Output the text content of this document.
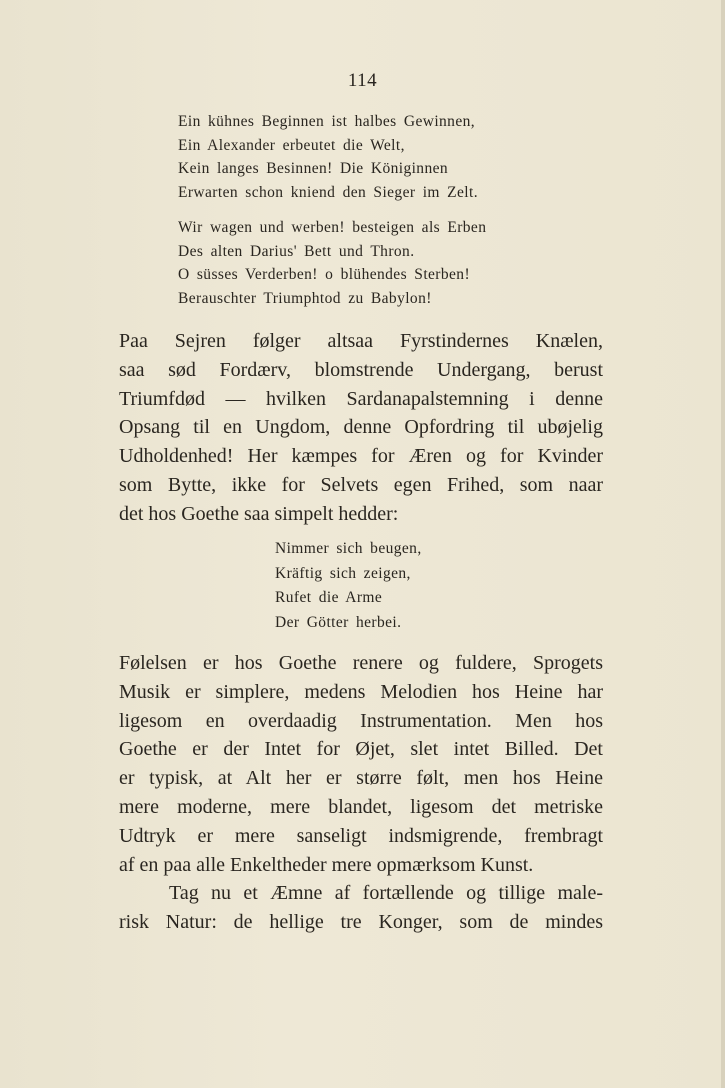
114
Ein kühnes Beginnen ist halbes Gewinnen,
Ein Alexander erbeutet die Welt,
Kein langes Besinnen! Die Königinnen
Erwarten schon kniend den Sieger im Zelt.
Wir wagen und werben! besteigen als Erben
Des alten Darius' Bett und Thron.
O süsses Verderben! o blühendes Sterben!
Berauschter Triumphtod zu Babylon!
Paa Sejren følger altsaa Fyrstindernes Knælen,
saa sød Fordærv, blomstrende Undergang, berust
Triumfdød — hvilken Sardanapalstemning i denne
Opsang til en Ungdom, denne Opfordring til ubøjelig
Udholdenhed! Her kæmpes for Æren og for Kvinder
som Bytte, ikke for Selvets egen Frihed, som naar
det hos Goethe saa simpelt hedder:
Nimmer sich beugen,
Kräftig sich zeigen,
Rufet die Arme
Der Götter herbei.
Følelsen er hos Goethe renere og fuldere, Sprogets
Musik er simplere, medens Melodien hos Heine har
ligesom en overdaadig Instrumentation. Men hos
Goethe er der Intet for Øjet, slet intet Billed. Det
er typisk, at Alt her er større følt, men hos Heine
mere moderne, mere blandet, ligesom det metriske
Udtryk er mere sanseligt indsmigrende, frembragt
af en paa alle Enkeltheder mere opmærksom Kunst.
Tag nu et Æmne af fortællende og tillige male-
risk Natur: de hellige tre Konger, som de mindes
